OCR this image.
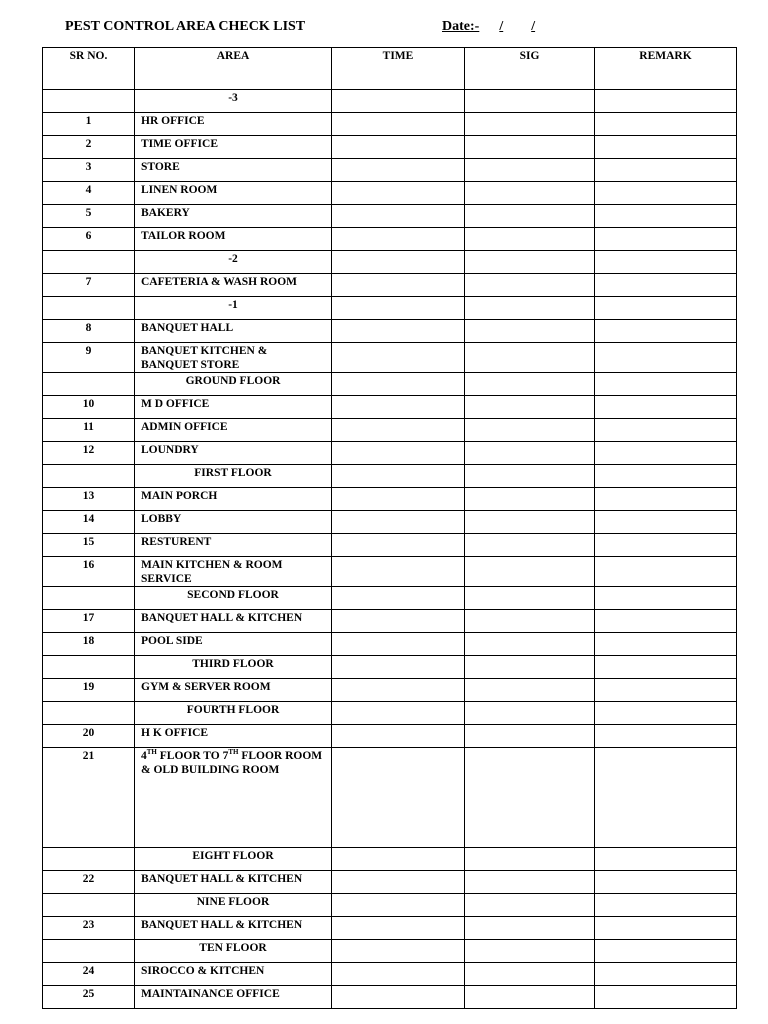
PEST CONTROL AREA CHECK LIST	Date:- / /
SR NO.	AREA	TIME	SIG	REMARK
	-3			
1	HR OFFICE			
2	TIME OFFICE			
3	STORE			
4	LINEN ROOM			
5	BAKERY			
6	TAILOR ROOM			
	-2			
7	CAFETERIA & WASH ROOM			
	-1			
8	BANQUET HALL			
9	BANQUET KITCHEN & BANQUET STORE			
	GROUND FLOOR			
10	M D OFFICE			
11	ADMIN OFFICE			
12	LOUNDRY			
	FIRST FLOOR			
13	MAIN PORCH			
14	LOBBY			
15	RESTURENT			
16	MAIN KITCHEN & ROOM SERVICE			
	SECOND FLOOR			
17	BANQUET HALL & KITCHEN			
18	POOL SIDE			
	THIRD FLOOR			
19	GYM & SERVER ROOM			
	FOURTH FLOOR			
20	H K OFFICE			
21	4TH FLOOR TO 7TH FLOOR ROOM & OLD BUILDING ROOM			
	EIGHT FLOOR			
22	BANQUET HALL & KITCHEN			
	NINE FLOOR			
23	BANQUET HALL & KITCHEN			
	TEN FLOOR			
24	SIROCCO & KITCHEN			
25	MAINTAINANCE OFFICE			
